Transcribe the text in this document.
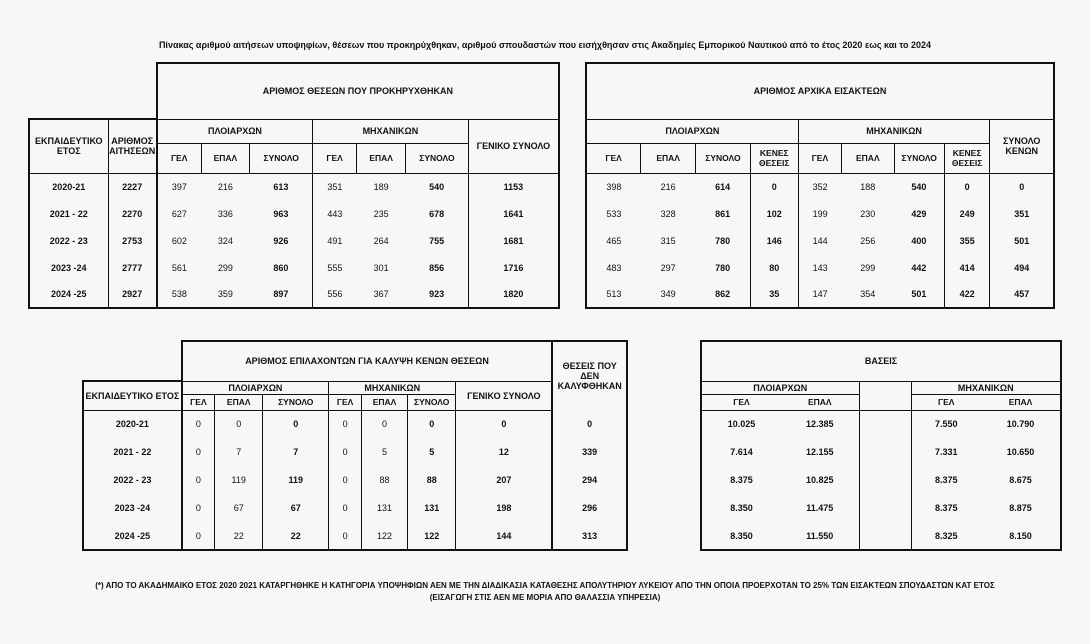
Πίνακας αριθμού αιτήσεων υποψηφίων, θέσεων που προκηρύχθηκαν, αριθμού σπουδαστών που εισήχθησαν στις Ακαδημίες Εμπορικού Ναυτικού από το έτος 2020 εως και το 2024
		ΑΡΙΘΜΟΣ ΘΕΣΕΩΝ ΠΟΥ ΠΡΟΚΗΡΥΧΘΗΚΑΝ						
ΕΚΠΑΙΔΕΥΤΙΚΟ ΕΤΟΣ	ΑΡΙΘΜΟΣ ΑΙΤΗΣΕΩΝ	ΠΛΟΙΑΡΧΩΝ			ΜΗΧΑΝΙΚΩΝ			ΓΕΝΙΚΟ ΣΥΝΟΛΟ
		ΓΕΛ	ΕΠΑΛ	ΣΥΝΟΛΟ	ΓΕΛ	ΕΠΑΛ	ΣΥΝΟΛΟ	
2020-21	2227	397	216	613	351	189	540	1153
2021 - 22	2270	627	336	963	443	235	678	1641
2022 - 23	2753	602	324	926	491	264	755	1681
2023 -24	2777	561	299	860	555	301	856	1716
2024 -25	2927	538	359	897	556	367	923	1820
ΑΡΙΘΜΟΣ ΑΡΧΙΚΑ ΕΙΣΑΚΤΕΩΝ								
ΠΛΟΙΑΡΧΩΝ				ΜΗΧΑΝΙΚΩΝ				ΣΥΝΟΛΟ ΚΕΝΩΝ
ΓΕΛ	ΕΠΑΛ	ΣΥΝΟΛΟ	ΚΕΝΕΣ ΘΕΣΕΙΣ	ΓΕΛ	ΕΠΑΛ	ΣΥΝΟΛΟ	ΚΕΝΕΣ ΘΕΣΕΙΣ	
398	216	614	0	352	188	540	0	0
533	328	861	102	199	230	429	249	351
465	315	780	146	144	256	400	355	501
483	297	780	80	143	299	442	414	494
513	349	862	35	147	354	501	422	457
	ΑΡΙΘΜΟΣ ΕΠΙΛΑΧΟΝΤΩΝ ΓΙΑ ΚΑΛΥΨΗ ΚΕΝΩΝ ΘΕΣΕΩΝ							ΘΕΣΕΙΣ ΠΟΥ ΔΕΝ ΚΑΛΥΦΘΗΚΑΝ
ΕΚΠΑΙΔΕΥΤΙΚΟ ΕΤΟΣ	ΠΛΟΙΑΡΧΩΝ			ΜΗΧΑΝΙΚΩΝ			ΓΕΝΙΚΟ ΣΥΝΟΛΟ	
	ΓΕΛ	ΕΠΑΛ	ΣΥΝΟΛΟ	ΓΕΛ	ΕΠΑΛ	ΣΥΝΟΛΟ		
2020-21	0	0	0	0	0	0	0	0
2021 - 22	0	7	7	0	5	5	12	339
2022 - 23	0	119	119	0	88	88	207	294
2023 -24	0	67	67	0	131	131	198	296
2024 -25	0	22	22	0	122	122	144	313
ΒΑΣΕΙΣ				
ΠΛΟΙΑΡΧΩΝ			ΜΗΧΑΝΙΚΩΝ	
ΓΕΛ	ΕΠΑΛ		ΓΕΛ	ΕΠΑΛ
10.025	12.385		7.550	10.790
7.614	12.155		7.331	10.650
8.375	10.825		8.375	8.675
8.350	11.475		8.375	8.875
8.350	11.550		8.325	8.150
(*) ΑΠΟ ΤΟ ΑΚΑΔΗΜΑΙΚΟ ΕΤΟΣ 2020 2021 ΚΑΤΑΡΓΗΘΗΚΕ Η ΚΑΤΗΓΟΡΙΑ ΥΠΟΨΗΦΙΩΝ ΑΕΝ ΜΕ ΤΗΝ ΔΙΑΔΙΚΑΣΙΑ ΚΑΤΑΘΕΣΗΣ ΑΠΟΛΥΤΗΡΙΟΥ ΛΥΚΕΙΟΥ ΑΠΟ ΤΗΝ ΟΠΟΙΑ ΠΡΟΕΡΧΟΤΑΝ ΤΟ 25% ΤΩΝ ΕΙΣΑΚΤΕΩΝ ΣΠΟΥΔΑΣΤΩΝ ΚΑΤ ΕΤΟΣ
(ΕΙΣΑΓΩΓΗ ΣΤΙΣ ΑΕΝ ΜΕ ΜΟΡΙΑ ΑΠΟ ΘΑΛΑΣΣΙΑ ΥΠΗΡΕΣΙΑ)
